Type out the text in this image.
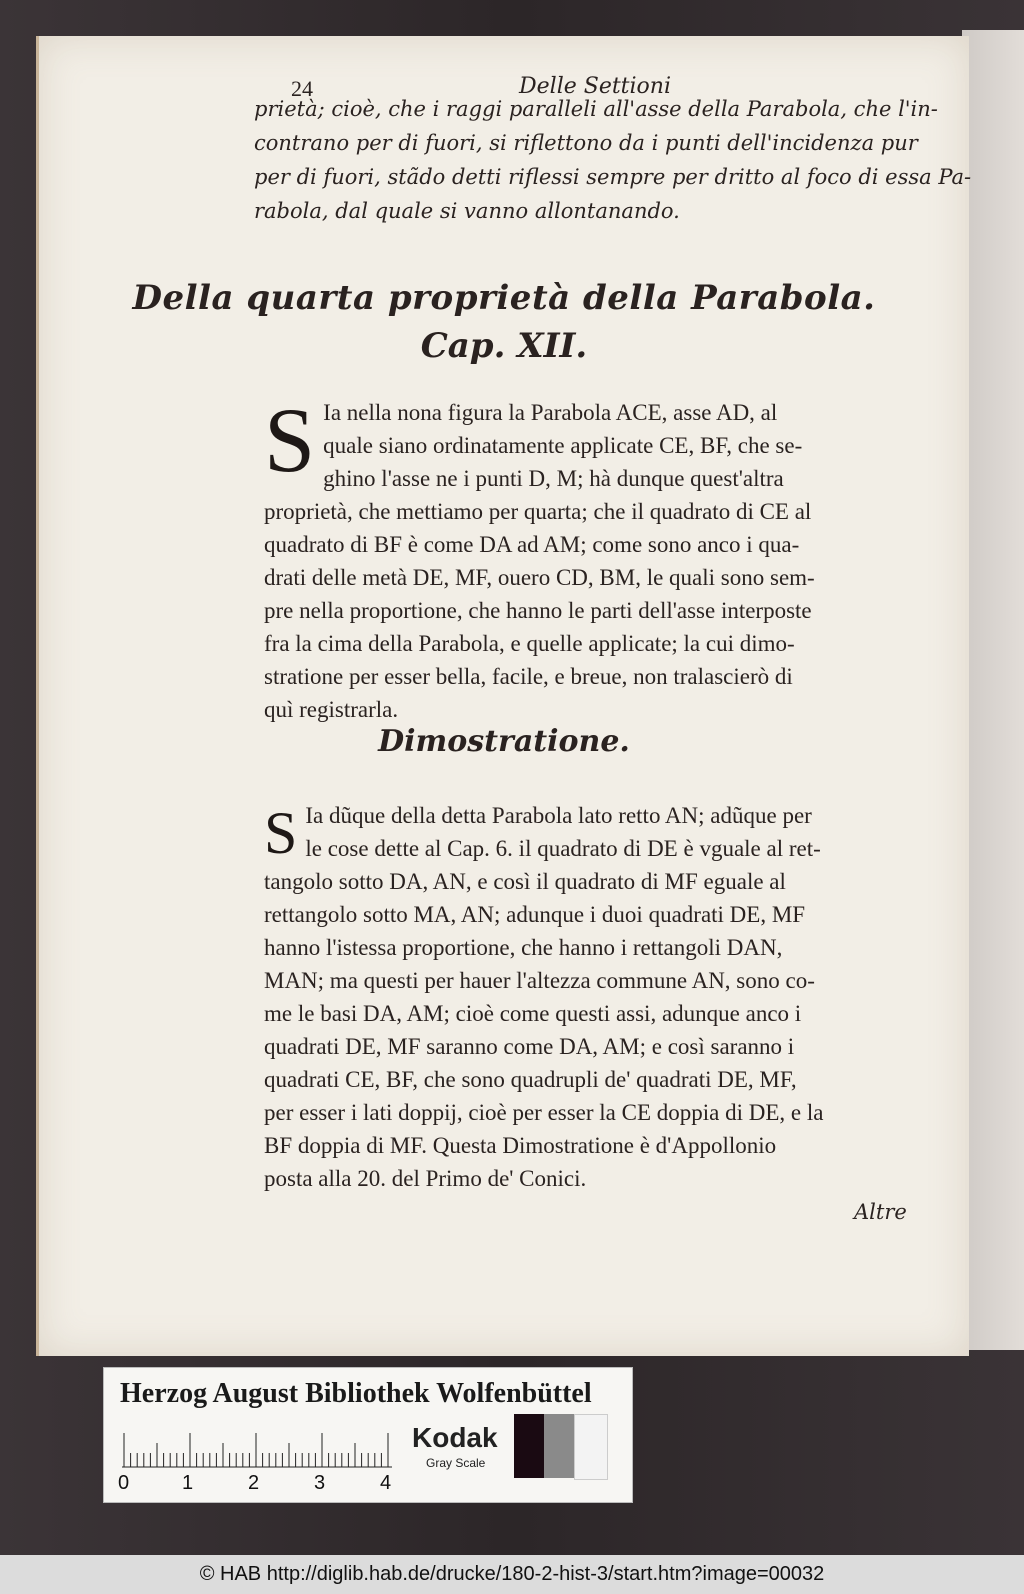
24	Delle Settioni
prietà; cioè, che i raggi paralleli all'asse della Parabola, che l'in-
contrano per di fuori, si riflettono da i punti dell'incidenza pur
per di fuori, stãdo detti riflessi sempre per dritto al foco di essa Pa-
rabola, dal quale si vanno allontanando.
Della quarta proprietà della Parabola.
Cap. XII.
S Ia nella nona figura la Parabola ACE, asse AD, al
quale siano ordinatamente applicate CE, BF, che se-
ghino l'asse ne i punti D, M; hà dunque quest'altra
proprietà, che mettiamo per quarta; che il quadrato di CE al
quadrato di BF è come DA ad AM; come sono anco i qua-
drati delle metà DE, MF, ouero CD, BM, le quali sono sem-
pre nella proportione, che hanno le parti dell'asse interposte
fra la cima della Parabola, e quelle applicate; la cui dimo-
stratione per esser bella, facile, e breue, non tralascierò di
quì registrarla.
Dimostratione.
S Ia dũque della detta Parabola lato retto AN; adũque per
le cose dette al Cap. 6. il quadrato di DE è vguale al ret-
tangolo sotto DA, AN, e così il quadrato di MF eguale al
rettangolo sotto MA, AN; adunque i duoi quadrati DE, MF
hanno l'istessa proportione, che hanno i rettangoli DAN,
MAN; ma questi per hauer l'altezza commune AN, sono co-
me le basi DA, AM; cioè come questi assi, adunque anco i
quadrati DE, MF saranno come DA, AM; e così saranno i
quadrati CE, BF, che sono quadrupli de' quadrati DE, MF,
per esser i lati doppij, cioè per esser la CE doppia di DE, e la
BF doppia di MF. Questa Dimostratione è d'Appollonio
posta alla 20. del Primo de' Conici.
Altre
Herzog August Bibliothek Wolfenbüttel
0	1	2	3	4
Kodak
Gray Scale
© HAB http://diglib.hab.de/drucke/180-2-hist-3/start.htm?image=00032
